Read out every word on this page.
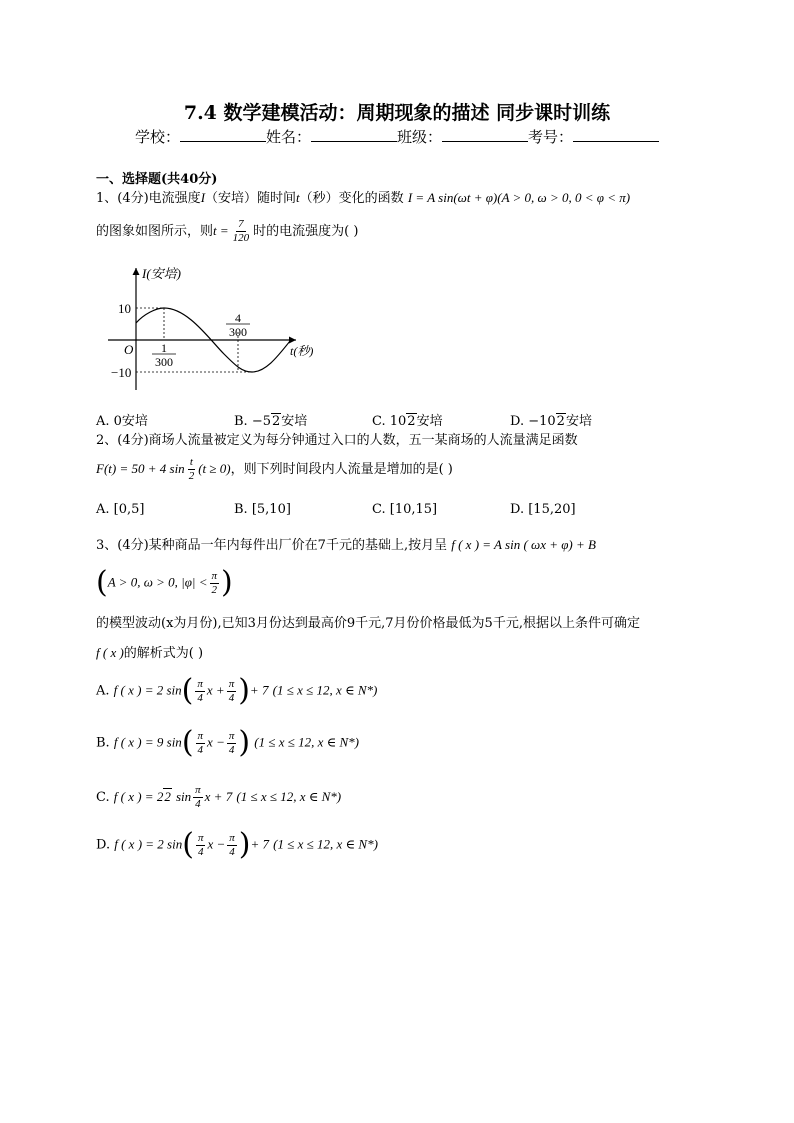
7.4 数学建模活动：周期现象的描述 同步课时训练
学校：	姓名：	班级：	考号：
一、选择题(共40分)
1、(4分)电流强度I（安培）随时间t（秒）变化的函数 I = A sin(ωt + φ)(A > 0, ω > 0, 0 < φ < π)
的图象如图所示，则$t = \frac{7}{120}$ 时的电流强度为( )
I(安培)
t(秒)
O
10
−10
1
300
4
300
A. 0安培	B. −52安培	C. 102安培	D. −102安培
2、(4分)商场人流量被定义为每分钟通过入口的人数，五一某商场的人流量满足函数
F(t) = 50 + 4 $\sin \frac{t}{2} (t \ge 0)$，则下列时间段内人流量是增加的是( )
A. [0,5]	B. [5,10]	C. [10,15]	D. [15,20]
3、(4分)某种商品一年内每件出厂价在7千元的基础上,按月呈 f ( x ) = A sin ( ωx + φ) + B
(A > 0, ω > 0, $|\varphi| < \frac{\pi}{2}$ )
的模型波动(x为月份),已知3月份达到最高价9千元,7月份价格最低为5千元,根据以上条件可确定
f ( x )的解析式为( )
A. f ( x ) = 2 $\sin( \frac{\pi}{4}$ $x + \frac{\pi}{4}$ )+ 7 (1 ≤ x ≤ 12, x ∈ N*)
B. f ( x ) = 9 $\sin( \frac{\pi}{4}$ $x - \frac{\pi}{4}$ ) (1 ≤ x ≤ 12, x ∈ N*)
C. f ( x ) = 22 $\sin \frac{\pi}{4}$ x + 7 (1 ≤ x ≤ 12, x ∈ N*)
D. f ( x ) = 2 $\sin( \frac{\pi}{4}$ $x - \frac{\pi}{4}$ )+ 7 (1 ≤ x ≤ 12, x ∈ N*)
